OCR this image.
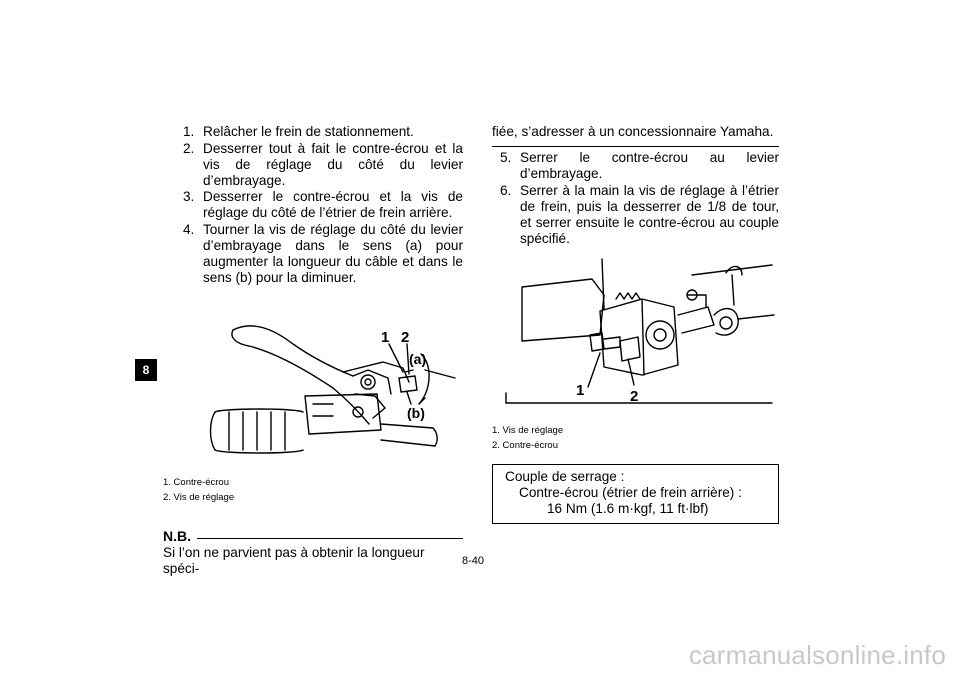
8
1. Relâcher le frein de stationnement.
2. Desserrer tout à fait le contre-écrou et la vis de réglage du côté du levier d’embrayage.
3. Desserrer le contre-écrou et la vis de réglage du côté de l’étrier de frein arrière.
4. Tourner la vis de réglage du côté du levier d’embrayage dans le sens (a) pour augmenter la longueur du câble et dans le sens (b) pour la diminuer.
1 2
(a)
(b)
1. Contre-écrou
2. Vis de réglage
N.B.
Si l’on ne parvient pas à obtenir la longueur spéci-
fiée, s’adresser à un concessionnaire Yamaha.
5. Serrer le contre-écrou au levier d’embrayage.
6. Serrer à la main la vis de réglage à l’étrier de frein, puis la desserrer de 1/8 de tour, et serrer ensuite le contre-écrou au couple spécifié.
1	2
1. Vis de réglage
2. Contre-écrou
Couple de serrage :
Contre-écrou (étrier de frein arrière) :
16 Nm (1.6 m·kgf, 11 ft·lbf)
8-40
carmanualsonline.info
